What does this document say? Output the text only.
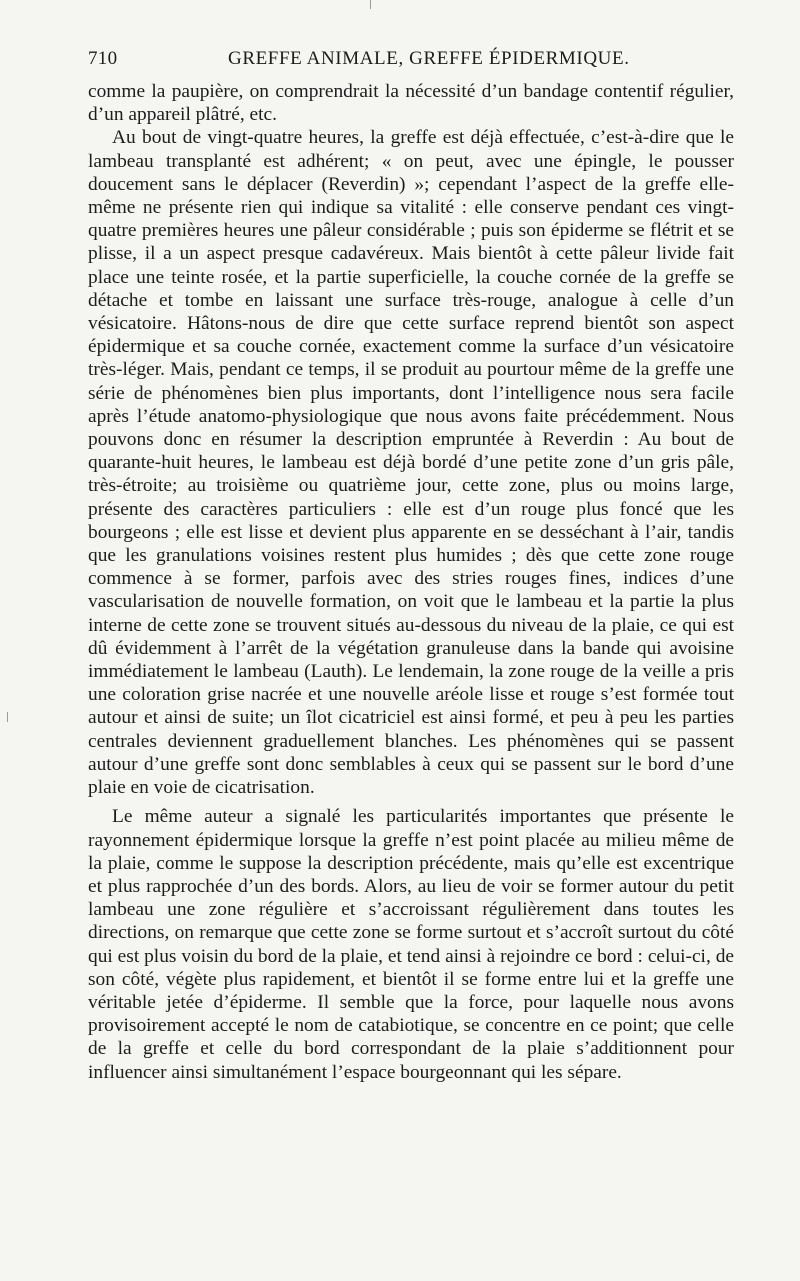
710	GREFFE ANIMALE, GREFFE ÉPIDERMIQUE.

comme la paupière, on comprendrait la nécessité d’un bandage contentif régulier, d’un appareil plâtré, etc.

Au bout de vingt-quatre heures, la greffe est déjà effectuée, c’est-à-dire que le lambeau transplanté est adhérent; « on peut, avec une épingle, le pousser doucement sans le déplacer (Reverdin) »; cependant l’aspect de la greffe elle-même ne présente rien qui indique sa vitalité : elle conserve pendant ces vingt-quatre premières heures une pâleur considérable ; puis son épiderme se flétrit et se plisse, il a un aspect presque cadavéreux. Mais bientôt à cette pâleur livide fait place une teinte rosée, et la partie superficielle, la couche cornée de la greffe se détache et tombe en laissant une surface très-rouge, analogue à celle d’un vésicatoire. Hâtons-nous de dire que cette surface reprend bientôt son aspect épidermique et sa couche cornée, exactement comme la surface d’un vésicatoire très-léger. Mais, pendant ce temps, il se produit au pourtour même de la greffe une série de phénomènes bien plus importants, dont l’intelligence nous sera facile après l’étude anatomo-physiologique que nous avons faite précédemment. Nous pouvons donc en résumer la description empruntée à Reverdin : Au bout de quarante-huit heures, le lambeau est déjà bordé d’une petite zone d’un gris pâle, très-étroite; au troisième ou quatrième jour, cette zone, plus ou moins large, présente des caractères particuliers : elle est d’un rouge plus foncé que les bourgeons ; elle est lisse et devient plus apparente en se desséchant à l’air, tandis que les granulations voisines restent plus humides ; dès que cette zone rouge commence à se former, parfois avec des stries rouges fines, indices d’une vascularisation de nouvelle formation, on voit que le lambeau et la partie la plus interne de cette zone se trouvent situés au-dessous du niveau de la plaie, ce qui est dû évidemment à l’arrêt de la végétation granuleuse dans la bande qui avoisine immédiatement le lambeau (Lauth). Le lendemain, la zone rouge de la veille a pris une coloration grise nacrée et une nouvelle aréole lisse et rouge s’est formée tout autour et ainsi de suite; un îlot cicatriciel est ainsi formé, et peu à peu les parties centrales deviennent graduellement blanches. Les phénomènes qui se passent autour d’une greffe sont donc semblables à ceux qui se passent sur le bord d’une plaie en voie de cicatrisation.

Le même auteur a signalé les particularités importantes que présente le rayonnement épidermique lorsque la greffe n’est point placée au milieu même de la plaie, comme le suppose la description précédente, mais qu’elle est excentrique et plus rapprochée d’un des bords. Alors, au lieu de voir se former autour du petit lambeau une zone régulière et s’accroissant régulièrement dans toutes les directions, on remarque que cette zone se forme surtout et s’accroît surtout du côté qui est plus voisin du bord de la plaie, et tend ainsi à rejoindre ce bord : celui-ci, de son côté, végète plus rapidement, et bientôt il se forme entre lui et la greffe une véritable jetée d’épiderme. Il semble que la force, pour laquelle nous avons provisoirement accepté le nom de catabiotique, se concentre en ce point; que celle de la greffe et celle du bord correspondant de la plaie s’additionnent pour influencer ainsi simultanément l’espace bourgeonnant qui les sépare.
